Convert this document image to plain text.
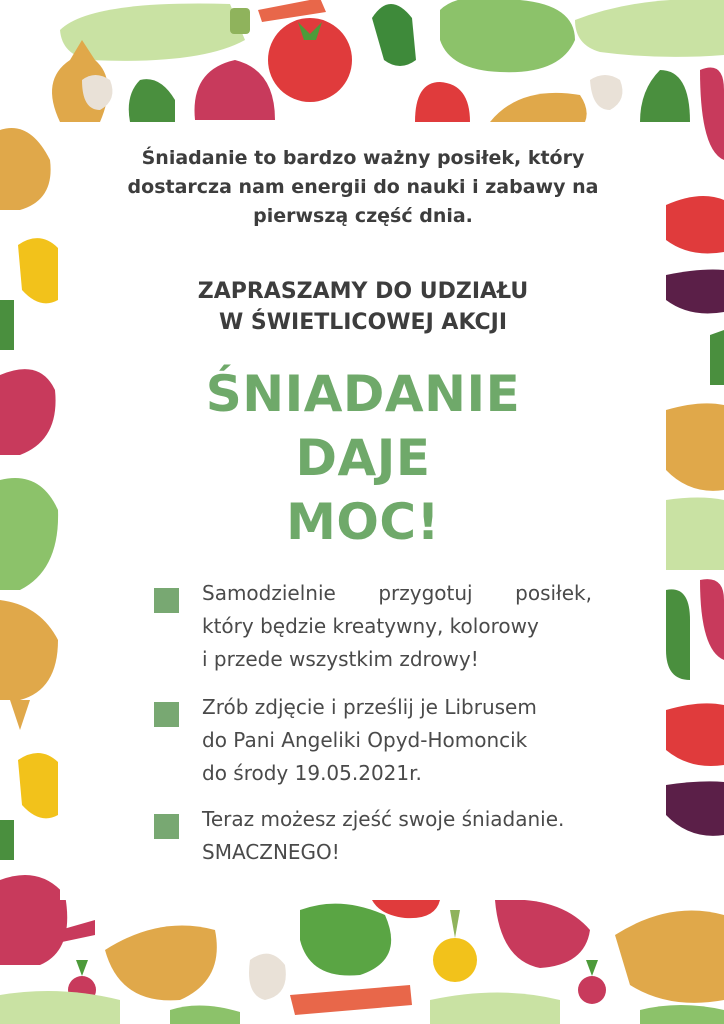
Śniadanie to bardzo ważny posiłek, który
dostarcza nam energii do nauki i zabawy na
pierwszą część dnia.
ZAPRASZAMY DO UDZIAŁU
W ŚWIETLICOWEJ AKCJI
ŚNIADANIE
DAJE
MOC!
Samodzielnie przygotuj posiłek,
który będzie kreatywny, kolorowy
i przede wszystkim zdrowy!
Zrób zdjęcie i prześlij je Librusem
do Pani Angeliki Opyd-Homoncik
do środy 19.05.2021r.
Teraz możesz zjeść swoje śniadanie.
SMACZNEGO!
